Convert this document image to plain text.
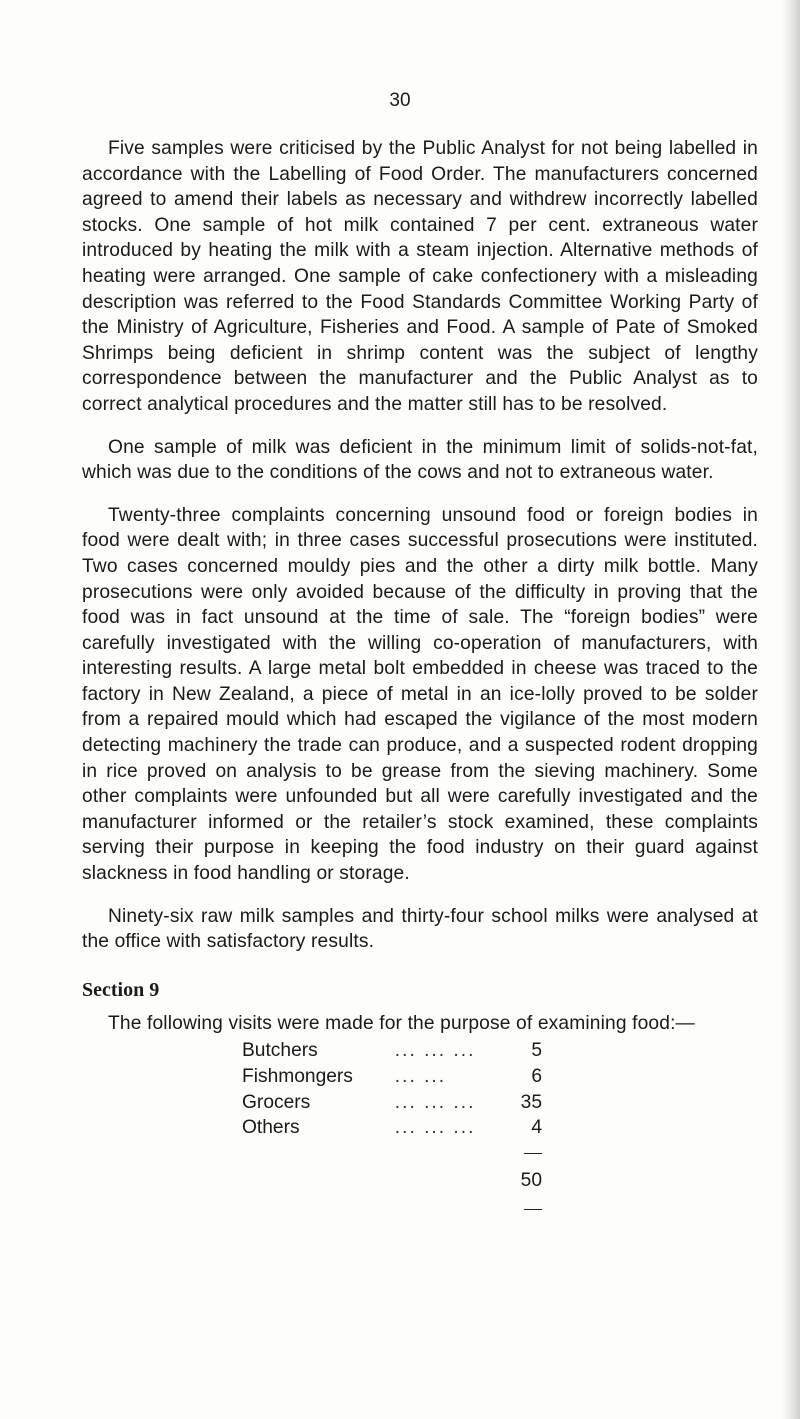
30

Five samples were criticised by the Public Analyst for not being labelled in accordance with the Labelling of Food Order. The manufacturers concerned agreed to amend their labels as necessary and withdrew incorrectly labelled stocks. One sample of hot milk contained 7 per cent. extraneous water introduced by heating the milk with a steam injection. Alternative methods of heating were arranged. One sample of cake confectionery with a misleading description was referred to the Food Standards Committee Working Party of the Ministry of Agriculture, Fisheries and Food. A sample of Pate of Smoked Shrimps being deficient in shrimp content was the subject of lengthy correspondence between the manufacturer and the Public Analyst as to correct analytical procedures and the matter still has to be resolved.

One sample of milk was deficient in the minimum limit of solids-not-fat, which was due to the conditions of the cows and not to extraneous water.

Twenty-three complaints concerning unsound food or foreign bodies in food were dealt with; in three cases successful prosecutions were instituted. Two cases concerned mouldy pies and the other a dirty milk bottle. Many prosecutions were only avoided because of the difficulty in proving that the food was in fact unsound at the time of sale. The “foreign bodies” were carefully investigated with the willing co-operation of manufacturers, with interesting results. A large metal bolt embedded in cheese was traced to the factory in New Zealand, a piece of metal in an ice-lolly proved to be solder from a repaired mould which had escaped the vigilance of the most modern detecting machinery the trade can produce, and a suspected rodent dropping in rice proved on analysis to be grease from the sieving machinery. Some other complaints were unfounded but all were carefully investigated and the manufacturer informed or the retailer’s stock examined, these complaints serving their purpose in keeping the food industry on their guard against slackness in food handling or storage.

Ninety-six raw milk samples and thirty-four school milks were analysed at the office with satisfactory results.

Section 9

The following visits were made for the purpose of examining food:—

Butchers	... ... ...	5
Fishmongers	... ...	6
Grocers	... ... ...	35
Others	... ... ...	4

		50
